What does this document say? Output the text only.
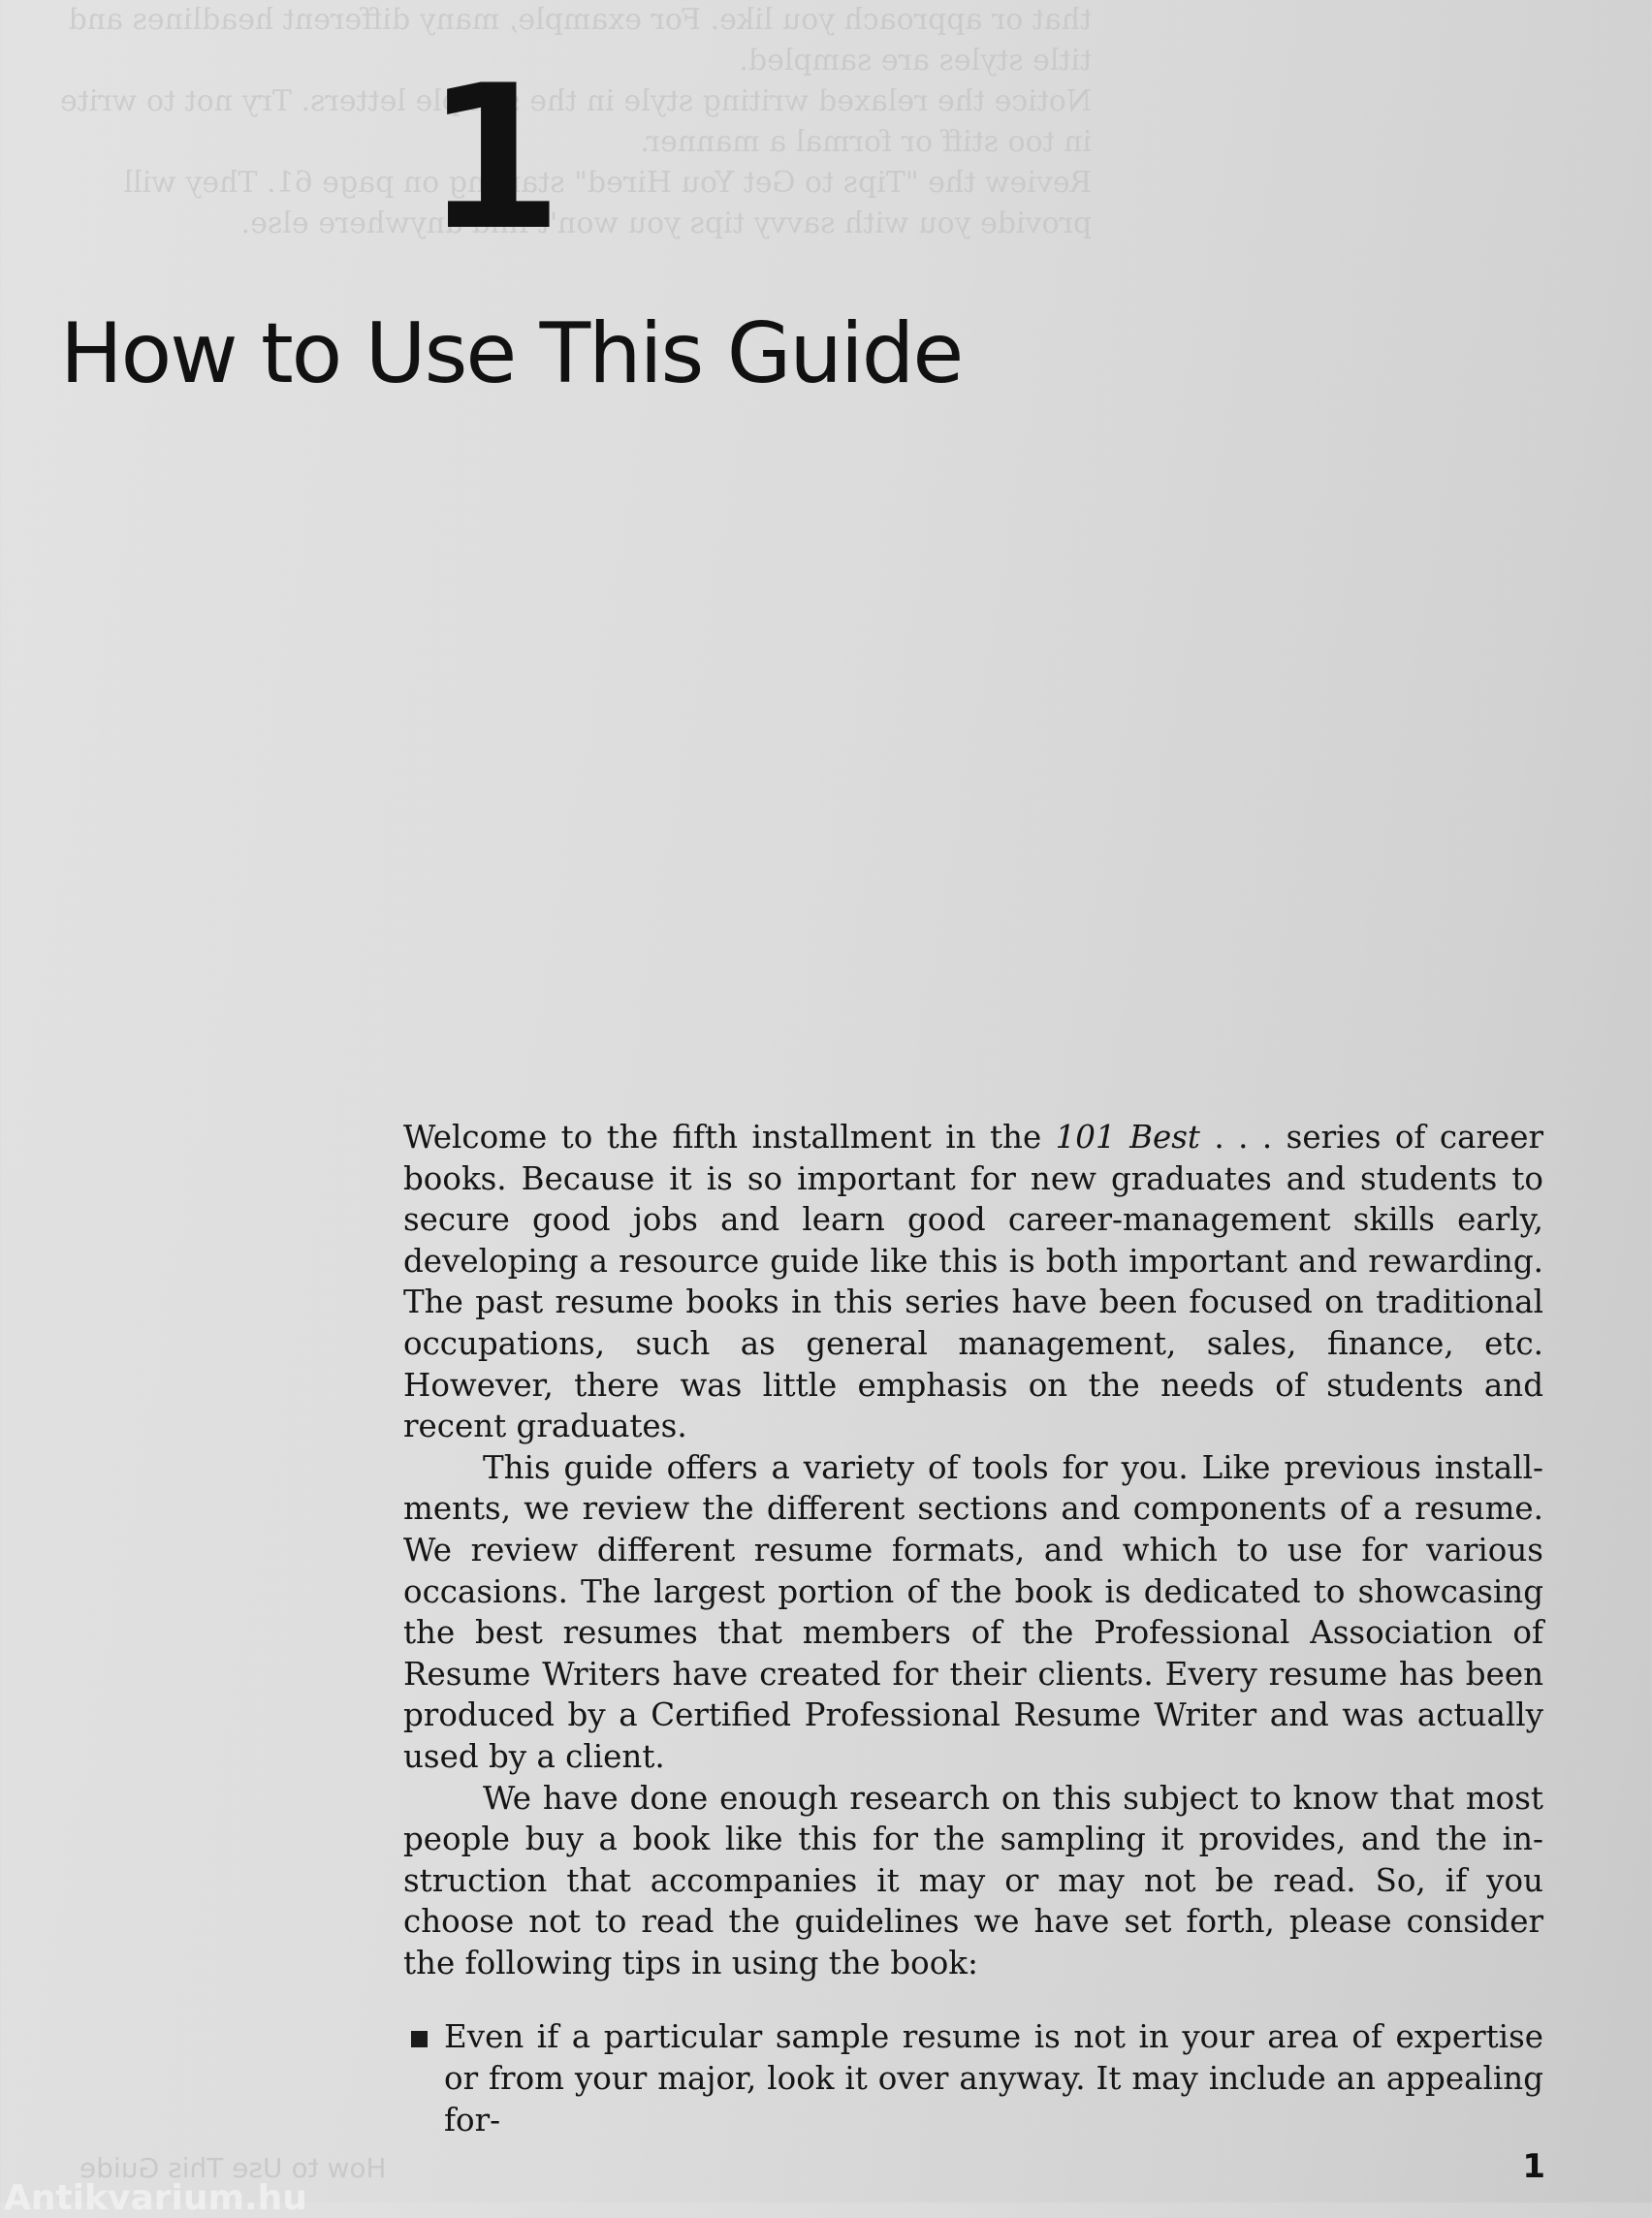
that or approach you like. For example, many different headlines and
title styles are sampled.
Notice the relaxed writing style in the sample letters. Try not to write
in too stiff or formal a manner.
Review the "Tips to Get You Hired" starting on page 61. They will
provide you with savvy tips you won't find anywhere else.
1
How to Use This Guide

Welcome to the fifth installment in the 101 Best . . . series of career books. Because it is so important for new graduates and students to secure good jobs and learn good career-management skills early, developing a resource guide like this is both important and rewarding. The past resume books in this series have been focused on traditional occupations, such as general management, sales, finance, etc. However, there was little emphasis on the needs of students and recent graduates.

This guide offers a variety of tools for you. Like previous installments, we review the different sections and components of a resume. We review different resume formats, and which to use for various occasions. The largest portion of the book is dedicated to showcasing the best resumes that members of the Professional Association of Resume Writers have created for their clients. Every resume has been produced by a Certified Professional Resume Writer and was actually used by a client.

We have done enough research on this subject to know that most people buy a book like this for the sampling it provides, and the instruction that accompanies it may or may not be read. So, if you choose not to read the guidelines we have set forth, please consider the following tips in using the book:

Even if a particular sample resume is not in your area of expertise or from your major, look it over anyway. It may include an appealing for-
How to Use This Guide	1
Antikvarium.hu
